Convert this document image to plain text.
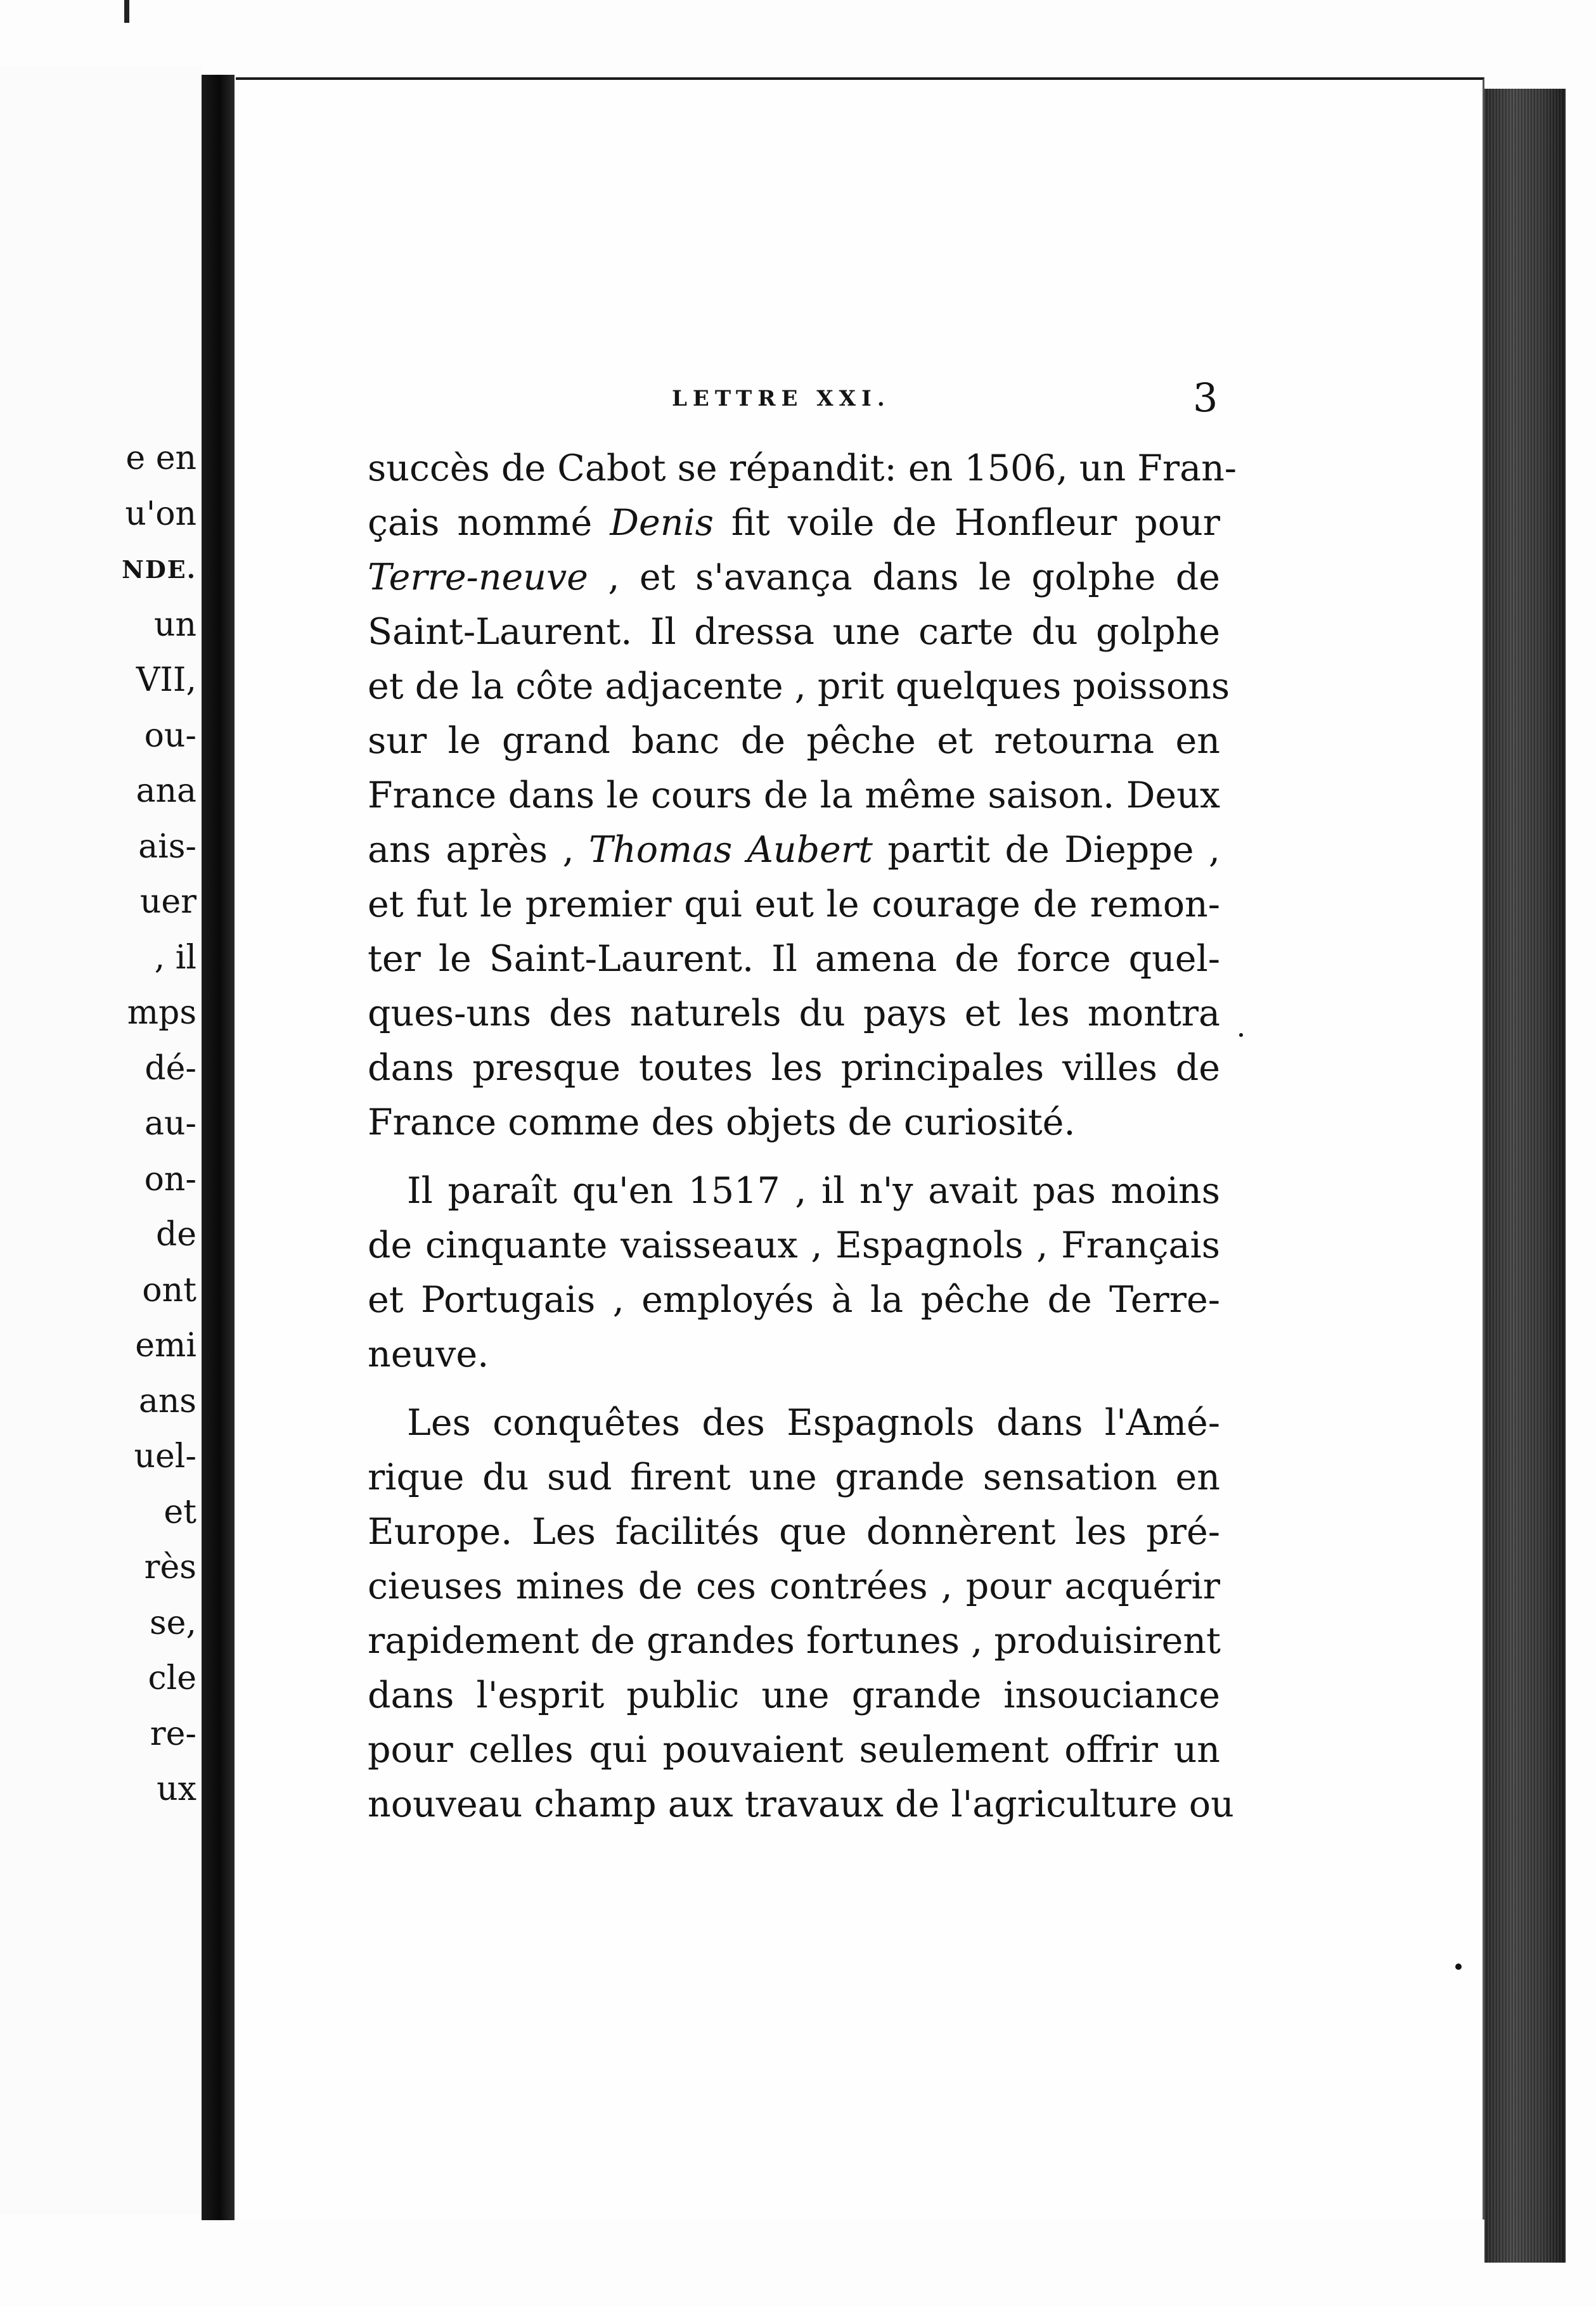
e en
u'on
NDE.
un
VII,
ou-
ana
ais-
uer
, il
mps
dé-
au-
on-
de
ont
emi
ans
uel-
et
rès
se,
cle
re-
ux
LETTRE XXI.	3
succès de Cabot se répandit: en 1506, un Fran-
çais nommé Denis fit voile de Honfleur pour
Terre-neuve , et s'avança dans le golphe de
Saint-Laurent. Il dressa une carte du golphe
et de la côte adjacente , prit quelques poissons
sur le grand banc de pêche et retourna en
France dans le cours de la même saison. Deux
ans après , Thomas Aubert partit de Dieppe ,
et fut le premier qui eut le courage de remon-
ter le Saint-Laurent. Il amena de force quel-
ques-uns des naturels du pays et les montra
dans presque toutes les principales villes de
France comme des objets de curiosité.
Il paraît qu'en 1517 , il n'y avait pas moins
de cinquante vaisseaux , Espagnols , Français
et Portugais , employés à la pêche de Terre-
neuve.
Les conquêtes des Espagnols dans l'Amé-
rique du sud firent une grande sensation en
Europe. Les facilités que donnèrent les pré-
cieuses mines de ces contrées , pour acquérir
rapidement de grandes fortunes , produisirent
dans l'esprit public une grande insouciance
pour celles qui pouvaient seulement offrir un
nouveau champ aux travaux de l'agriculture ou
